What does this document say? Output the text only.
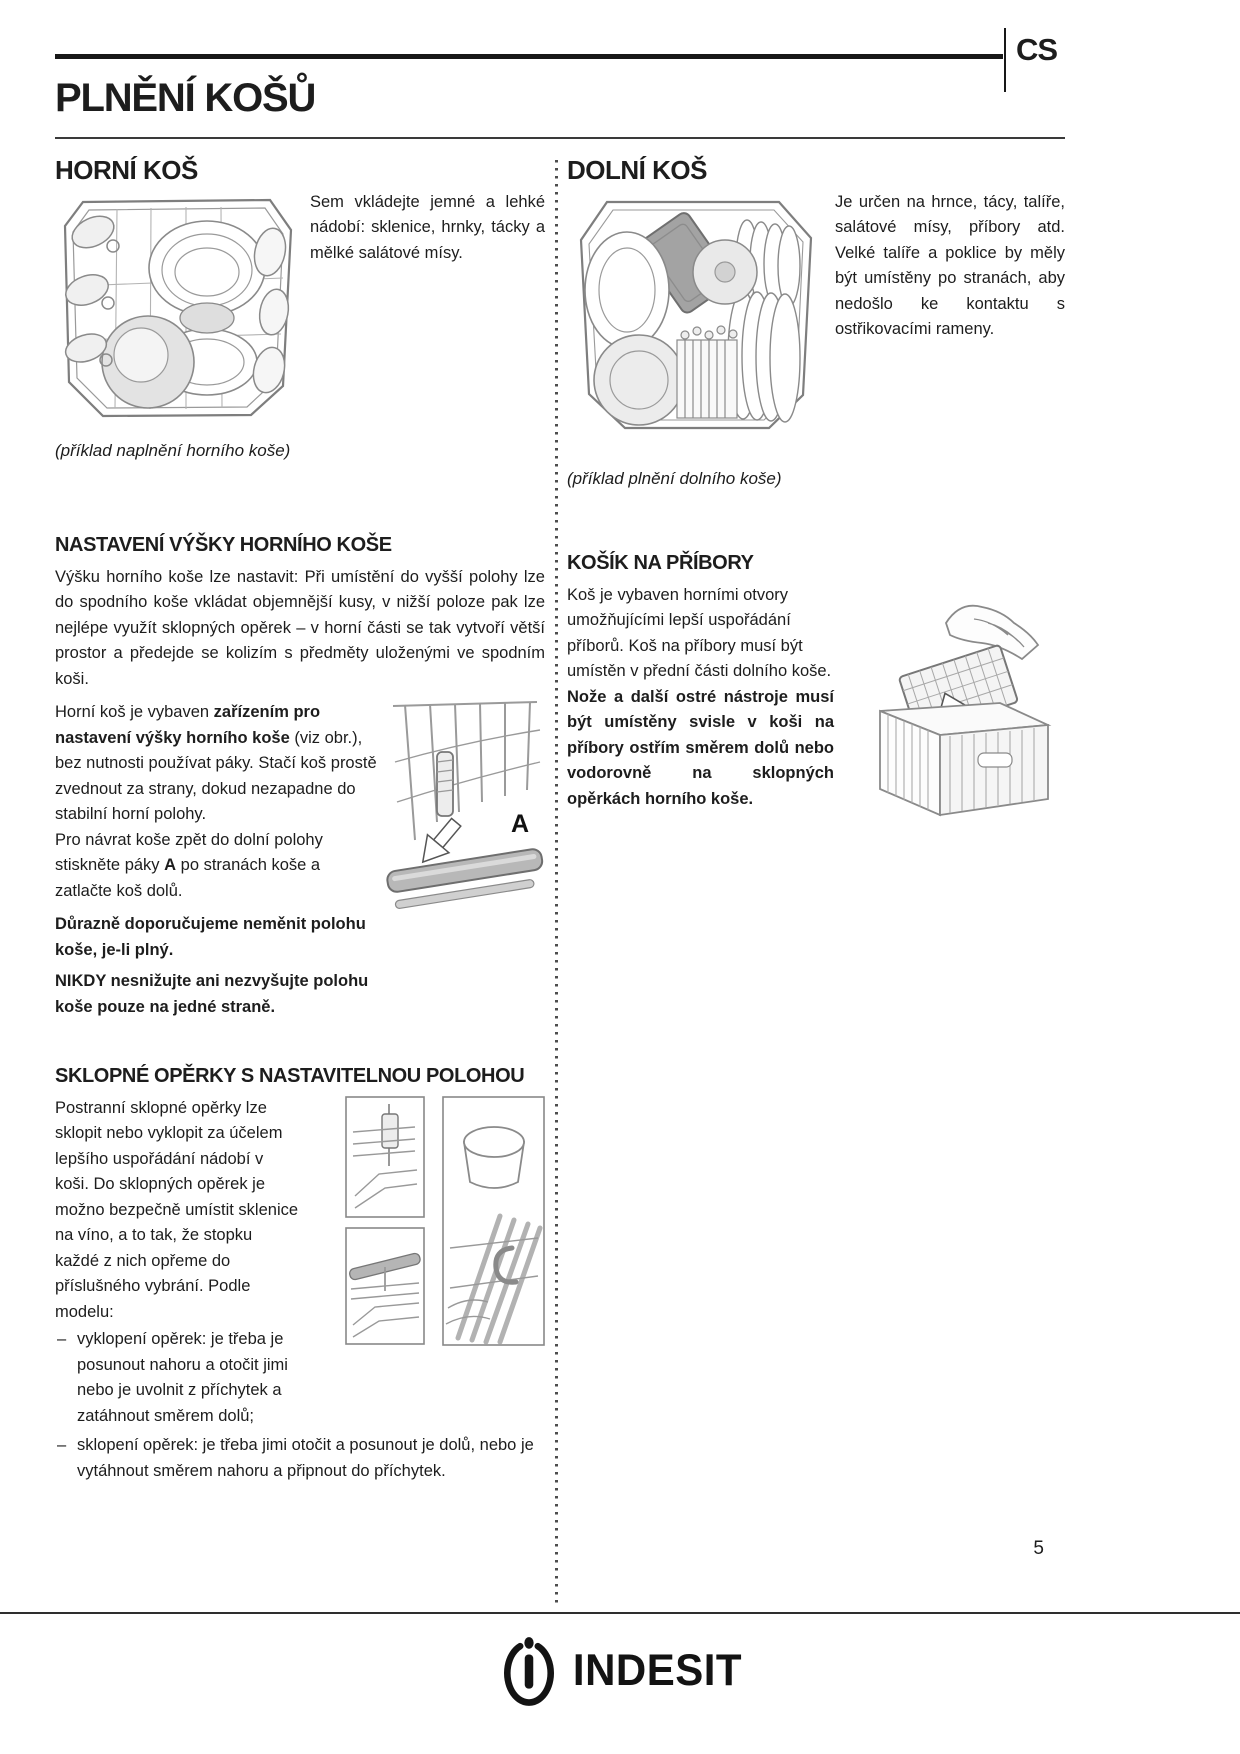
CS
PLNĚNÍ KOŠŮ
HORNÍ KOŠ

Sem vkládejte jemné a lehké nádobí: sklenice, hrnky, tácky a mělké salátové mísy.

(příklad naplnění horního koše)

NASTAVENÍ VÝŠKY HORNÍHO KOŠE

Výšku horního koše lze nastavit: Při umístění do vyšší polohy lze do spodního koše vkládat objemnější kusy, v nižší poloze pak lze nejlépe využít sklopných opěrek – v horní části se tak vytvoří větší prostor a předejde se kolizím s předměty uloženými ve spodním koši.

Horní koš je vybaven zařízením pro nastavení výšky horního koše (viz obr.), bez nutnosti používat páky. Stačí koš prostě zvednout za strany, dokud nezapadne do stabilní horní polohy.

Pro návrat koše zpět do dolní polohy stiskněte páky A po stranách koše a zatlačte koš dolů.

Důrazně doporučujeme neměnit polohu koše, je-li plný.

NIKDY nesnižujte ani nezvyšujte polohu koše pouze na jedné straně.

A
SKLOPNÉ OPĚRKY S NASTAVITELNOU POLOHOU

Postranní sklopné opěrky lze sklopit nebo vyklopit za účelem lepšího uspořádání nádobí v koši. Do sklopných opěrek je možno bezpečně umístit sklenice na víno, a to tak, že stopku každé z nich opřeme do příslušného vybrání. Podle modelu:

– vyklopení opěrek: je třeba je posunout nahoru a otočit jimi nebo je uvolnit z příchytek a zatáhnout směrem dolů;
– sklopení opěrek: je třeba jimi otočit a posunout je dolů, nebo je vytáhnout směrem nahoru a připnout do příchytek.
DOLNÍ KOŠ

Je určen na hrnce, tácy, talíře, salátové mísy, příbory atd. Velké talíře a poklice by měly být umístěny po stranách, aby nedošlo ke kontaktu s ostřikovacími rameny.

(příklad plnění dolního koše)

KOŠÍK NA PŘÍBORY

Koš je vybaven horními otvory umožňujícími lepší uspořádání příborů. Koš na příbory musí být umístěn v přední části dolního koše.

Nože a další ostré nástroje musí být umístěny svisle v koši na příbory ostřím směrem dolů nebo vodorovně na sklopných opěrkách horního koše.

5
INDESIT
